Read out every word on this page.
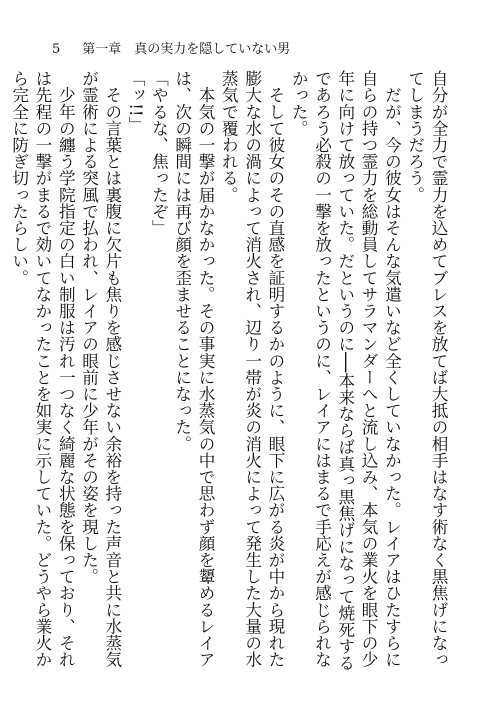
5 第一章　真の実力を隠していない男

自分が全力で霊力を込めてブレスを放てば大抵の相手はなす術なく黒焦げになってしまうだろう。

　だが、今の彼女はそんな気遣いなど全くしていなかった。レイアはひたすらに自らの持つ霊力を総動員してサラマンダーへと流し込み、本気の業火を眼下の少年に向けて放っていた。だというのに──本来ならば真っ黒焦げになって焼死するであろう必殺の一撃を放ったというのに、レイアにはまるで手応えが感じられなかった。

　そして彼女のその直感を証明するかのように、眼下に広がる炎が中から現れた膨大な水の渦によって消火され、辺り一帯が炎の消火によって発生した大量の水蒸気で覆われる。

　本気の一撃が届かなかった。その事実に水蒸気の中で思わず顔を顰めるレイアは、次の瞬間には再び顔を歪ませることになった。

「やるな、焦ったぞ」

「ッ!!」

　その言葉とは裏腹に欠片も焦りを感じさせない余裕を持った声音と共に水蒸気が霊術による突風で払われ、レイアの眼前に少年がその姿を現した。

　少年の纏う学院指定の白い制服は汚れ一つなく綺麗な状態を保っており、それは先程の一撃がまるで効いてなかったことを如実に示していた。どうやら業火から完全に防ぎ切ったらしい。
